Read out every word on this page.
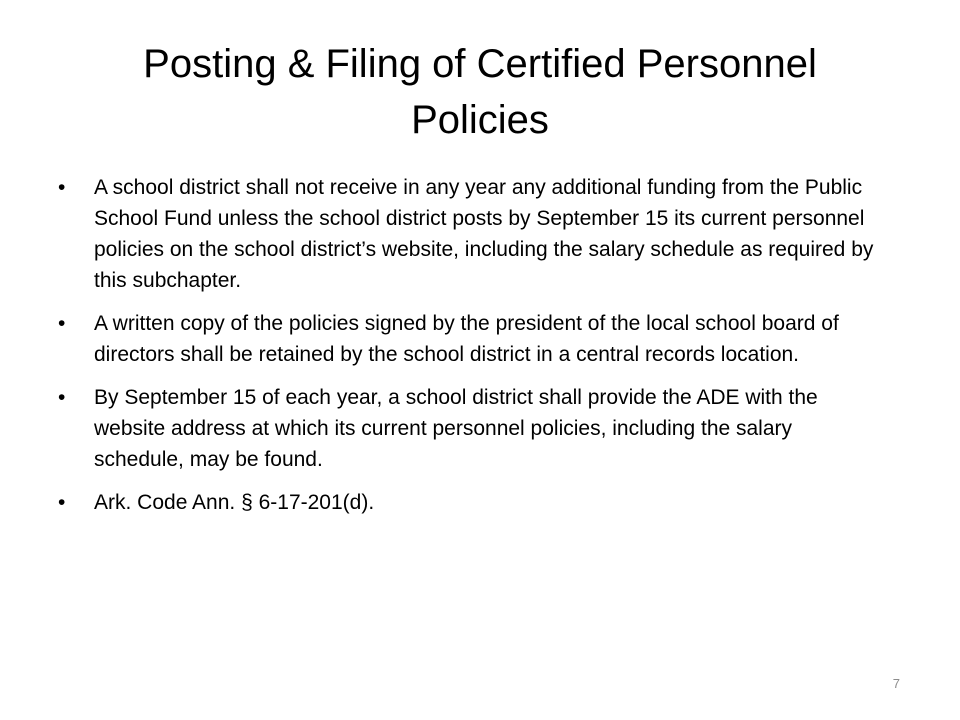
Posting & Filing of Certified Personnel Policies
•	A school district shall not receive in any year any additional funding from the Public School Fund unless the school district posts by September 15 its current personnel policies on the school district’s website, including the salary schedule as required by this subchapter.
•	A written copy of the policies signed by the president of the local school board of directors shall be retained by the school district in a central records location.
•	By September 15 of each year, a school district shall provide the ADE with the website address at which its current personnel policies, including the salary schedule, may be found.
•	Ark. Code Ann. § 6-17-201(d).
7
